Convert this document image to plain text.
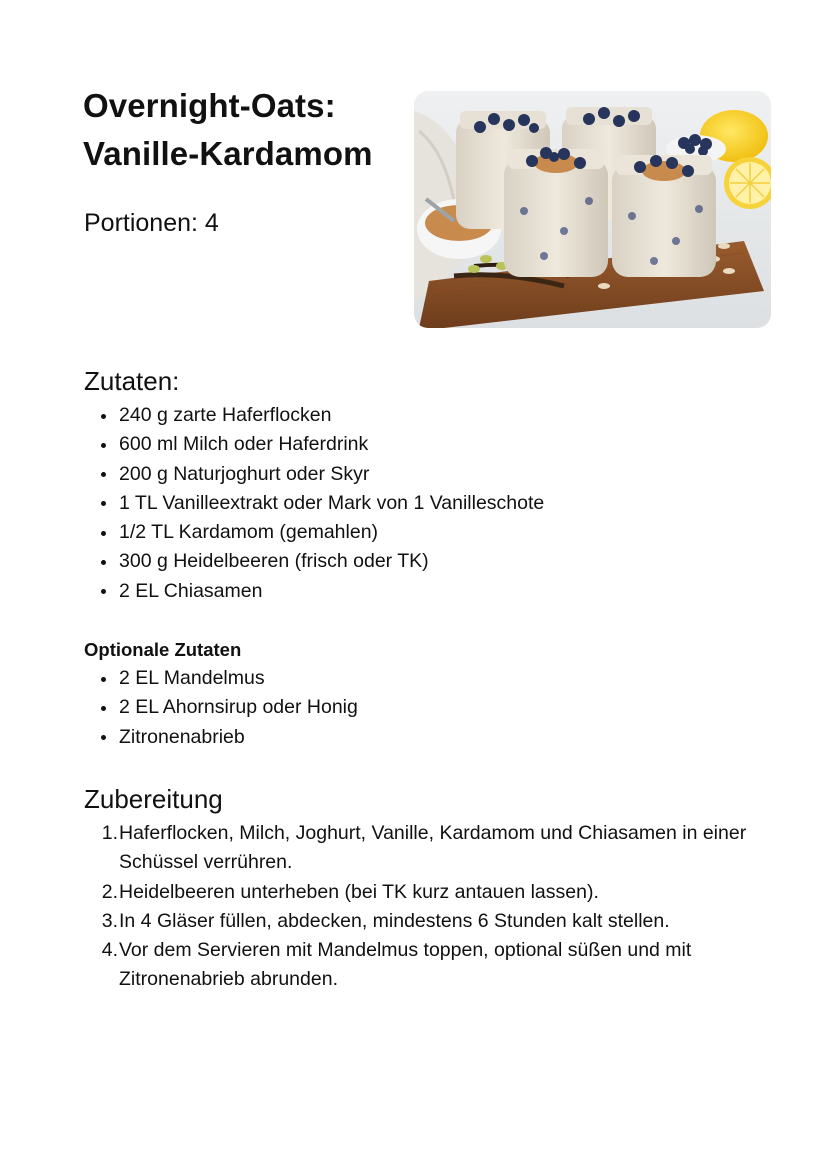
Overnight-Oats:
Vanille-Kardamom
Portionen: 4
Zutaten:
240 g zarte Haferflocken
600 ml Milch oder Haferdrink
200 g Naturjoghurt oder Skyr
1 TL Vanilleextrakt oder Mark von 1 Vanilleschote
1/2 TL Kardamom (gemahlen)
300 g Heidelbeeren (frisch oder TK)
2 EL Chiasamen
Optionale Zutaten
2 EL Mandelmus
2 EL Ahornsirup oder Honig
Zitronenabrieb
Zubereitung
1. Haferflocken, Milch, Joghurt, Vanille, Kardamom und Chiasamen in einer Schüssel verrühren.
2. Heidelbeeren unterheben (bei TK kurz antauen lassen).
3. In 4 Gläser füllen, abdecken, mindestens 6 Stunden kalt stellen.
4. Vor dem Servieren mit Mandelmus toppen, optional süßen und mit Zitronenabrieb abrunden.
